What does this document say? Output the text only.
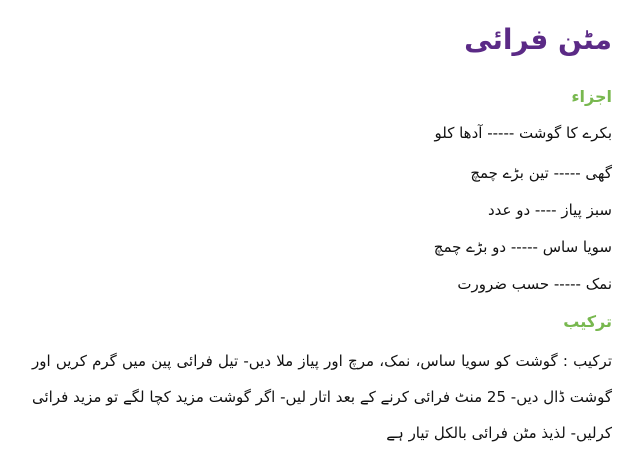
مٹن فرائی
اجزاء
بکرے کا گوشت ----- آدھا کلو
گھی ----- تین بڑے چمچ
سبز پیاز ---- دو عدد
سویا ساس ----- دو بڑے چمچ
نمک ----- حسب ضرورت
ترکیب
ترکیب : گوشت کو سویا ساس، نمک، مرچ اور پیاز ملا دیں- تیل فرائی پین میں گرم کریں اور گوشت ڈال دیں- 25 منٹ فرائی کرنے کے بعد اتار لیں- اگر گوشت مزید کچا لگے تو مزید فرائی کرلیں- لذیذ مٹن فرائی بالکل تیار ہے
